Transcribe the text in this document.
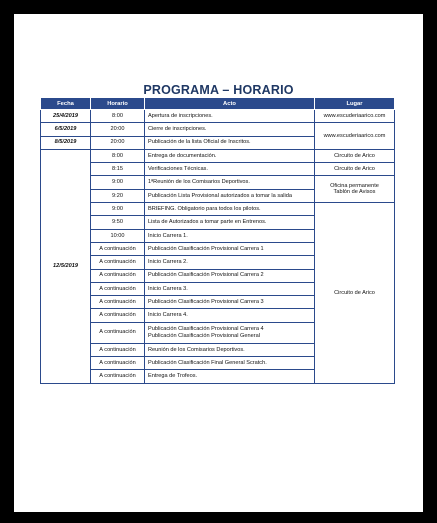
PROGRAMA – HORARIO
Fecha	Horario	Acto	Lugar
25/4/2019	8:00	Apertura de inscripciones.	www.escuderiaarico.com
6/5/2019	20:00	Cierre de inscripciones.	www.escuderiaarico.com
8/5/2019	20:00	Publicación de la lista Oficial de Inscritos.	
12/5/2019	8:00	Entrega de documentación.	Circuito de Arico
	8:15	Verificaciones Técnicas.	Circuito de Arico
	9:00	1ªReunión de los Comisarios Deportivos.	Oficina permanente
Tablón de Avisos

	9:20	Publicación Lista Provisional autorizados a tomar la salida	
	9:00	BRIEFING. Obligatorio para todos los pilotos.	Circuito de Arico
	9:50	Lista de Autorizados a tomar parte en Entrenos.	
	10:00	Inicio Carrera 1.	
	A continuación	Publicación Clasificación Provisional Carrera 1	
	A continuación	Inicio Carrera 2.	
	A continuación	Publicación Clasificación Provisional Carrera 2	
	A continuación	Inicio Carrera 3.	
	A continuación	Publicación Clasificación Provisional Carrera 3	
	A continuación	Inicio Carrera 4.	
	A continuación	Publicación Clasificación Provisional Carrera 4
Publicación Clasificación Provisional General	

	A continuación	Reunión de los Comisarios Deportivos.	
	A continuación	Publicación Clasificación Final General Scratch.	
	A continuación	Entrega de Trofeos.	
